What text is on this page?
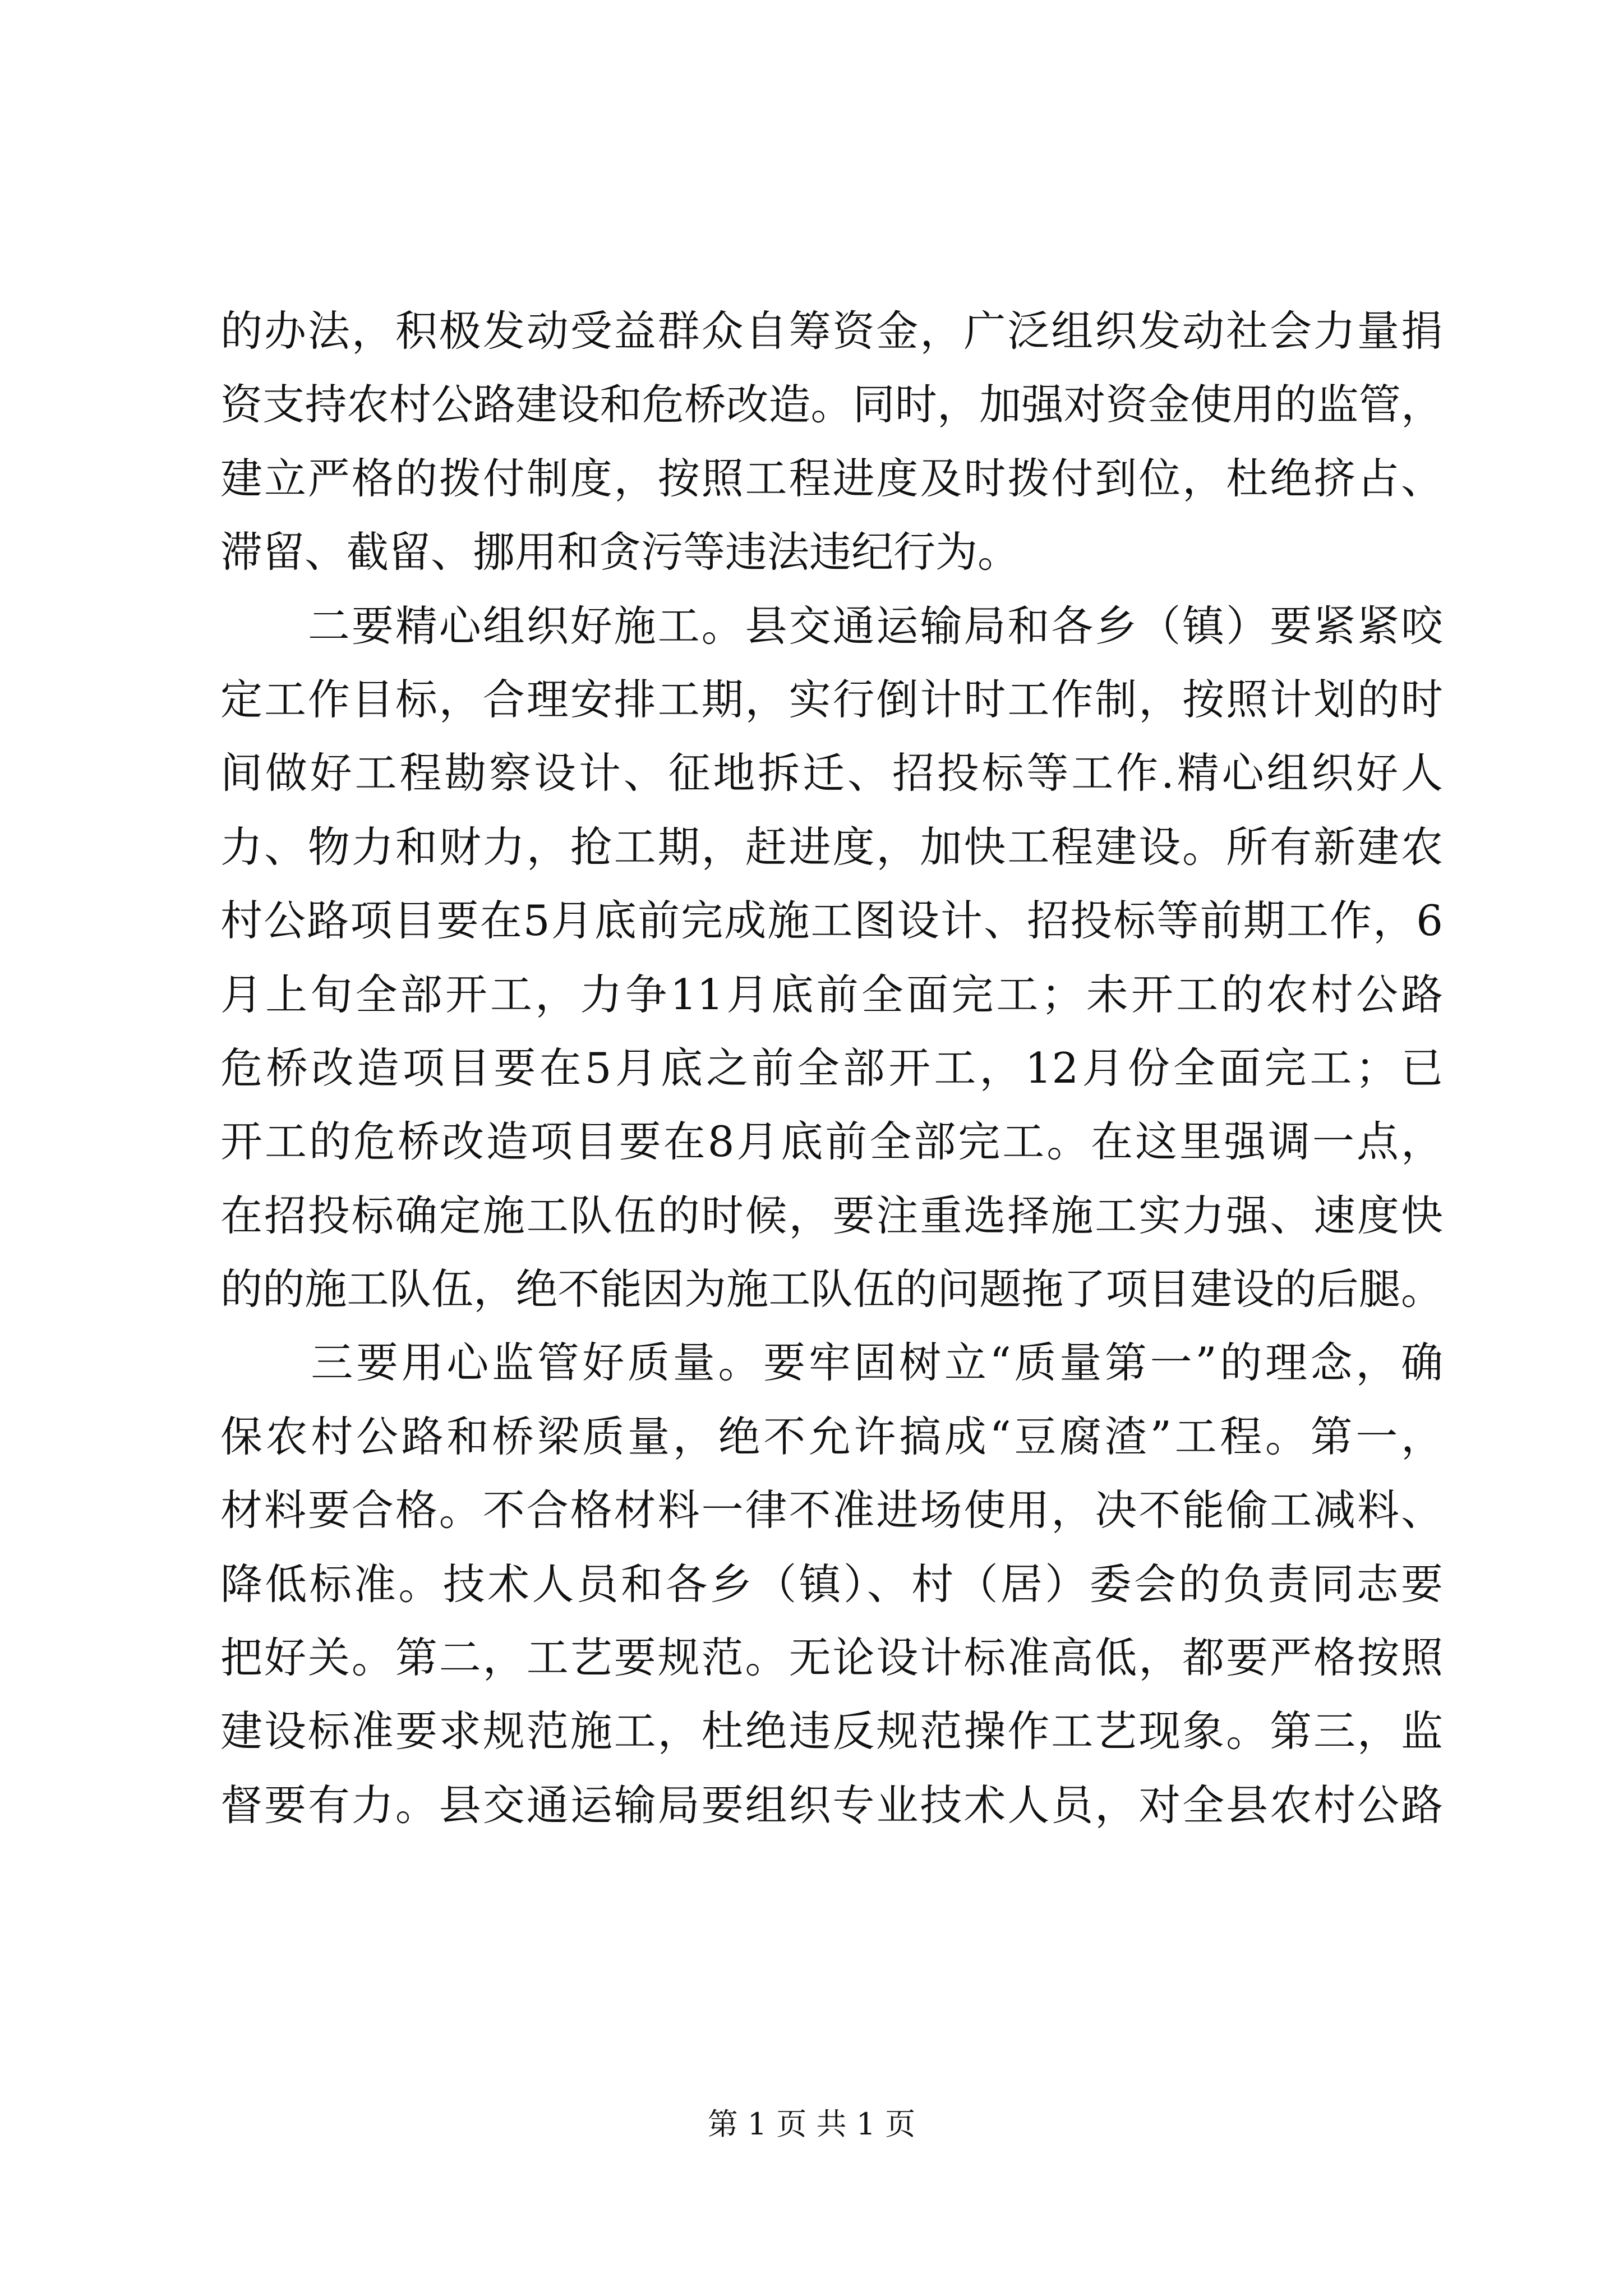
的办法，积极发动受益群众自筹资金，广泛组织发动社会力量捐
资支持农村公路建设和危桥改造。同时，加强对资金使用的监管，
建立严格的拨付制度，按照工程进度及时拨付到位，杜绝挤占、
滞留、截留、挪用和贪污等违法违纪行为。
　　二要精心组织好施工。县交通运输局和各乡（镇）要紧紧咬
定工作目标，合理安排工期，实行倒计时工作制，按照计划的时
间做好工程勘察设计、征地拆迁、招投标等工作.精心组织好人
力、物力和财力，抢工期，赶进度，加快工程建设。所有新建农
村公路项目要在5月底前完成施工图设计、招投标等前期工作，6
月上旬全部开工，力争11月底前全面完工；未开工的农村公路
危桥改造项目要在5月底之前全部开工，12月份全面完工；已
开工的危桥改造项目要在8月底前全部完工。在这里强调一点，
在招投标确定施工队伍的时候，要注重选择施工实力强、速度快
的的施工队伍，绝不能因为施工队伍的问题拖了项目建设的后腿。
　　三要用心监管好质量。要牢固树立“质量第一”的理念，确
保农村公路和桥梁质量，绝不允许搞成“豆腐渣”工程。第一，
材料要合格。不合格材料一律不准进场使用，决不能偷工减料、
降低标准。技术人员和各乡（镇）、村（居）委会的负责同志要
把好关。第二，工艺要规范。无论设计标准高低，都要严格按照
建设标准要求规范施工，杜绝违反规范操作工艺现象。第三，监
督要有力。县交通运输局要组织专业技术人员，对全县农村公路
第 1 页 共 1 页
